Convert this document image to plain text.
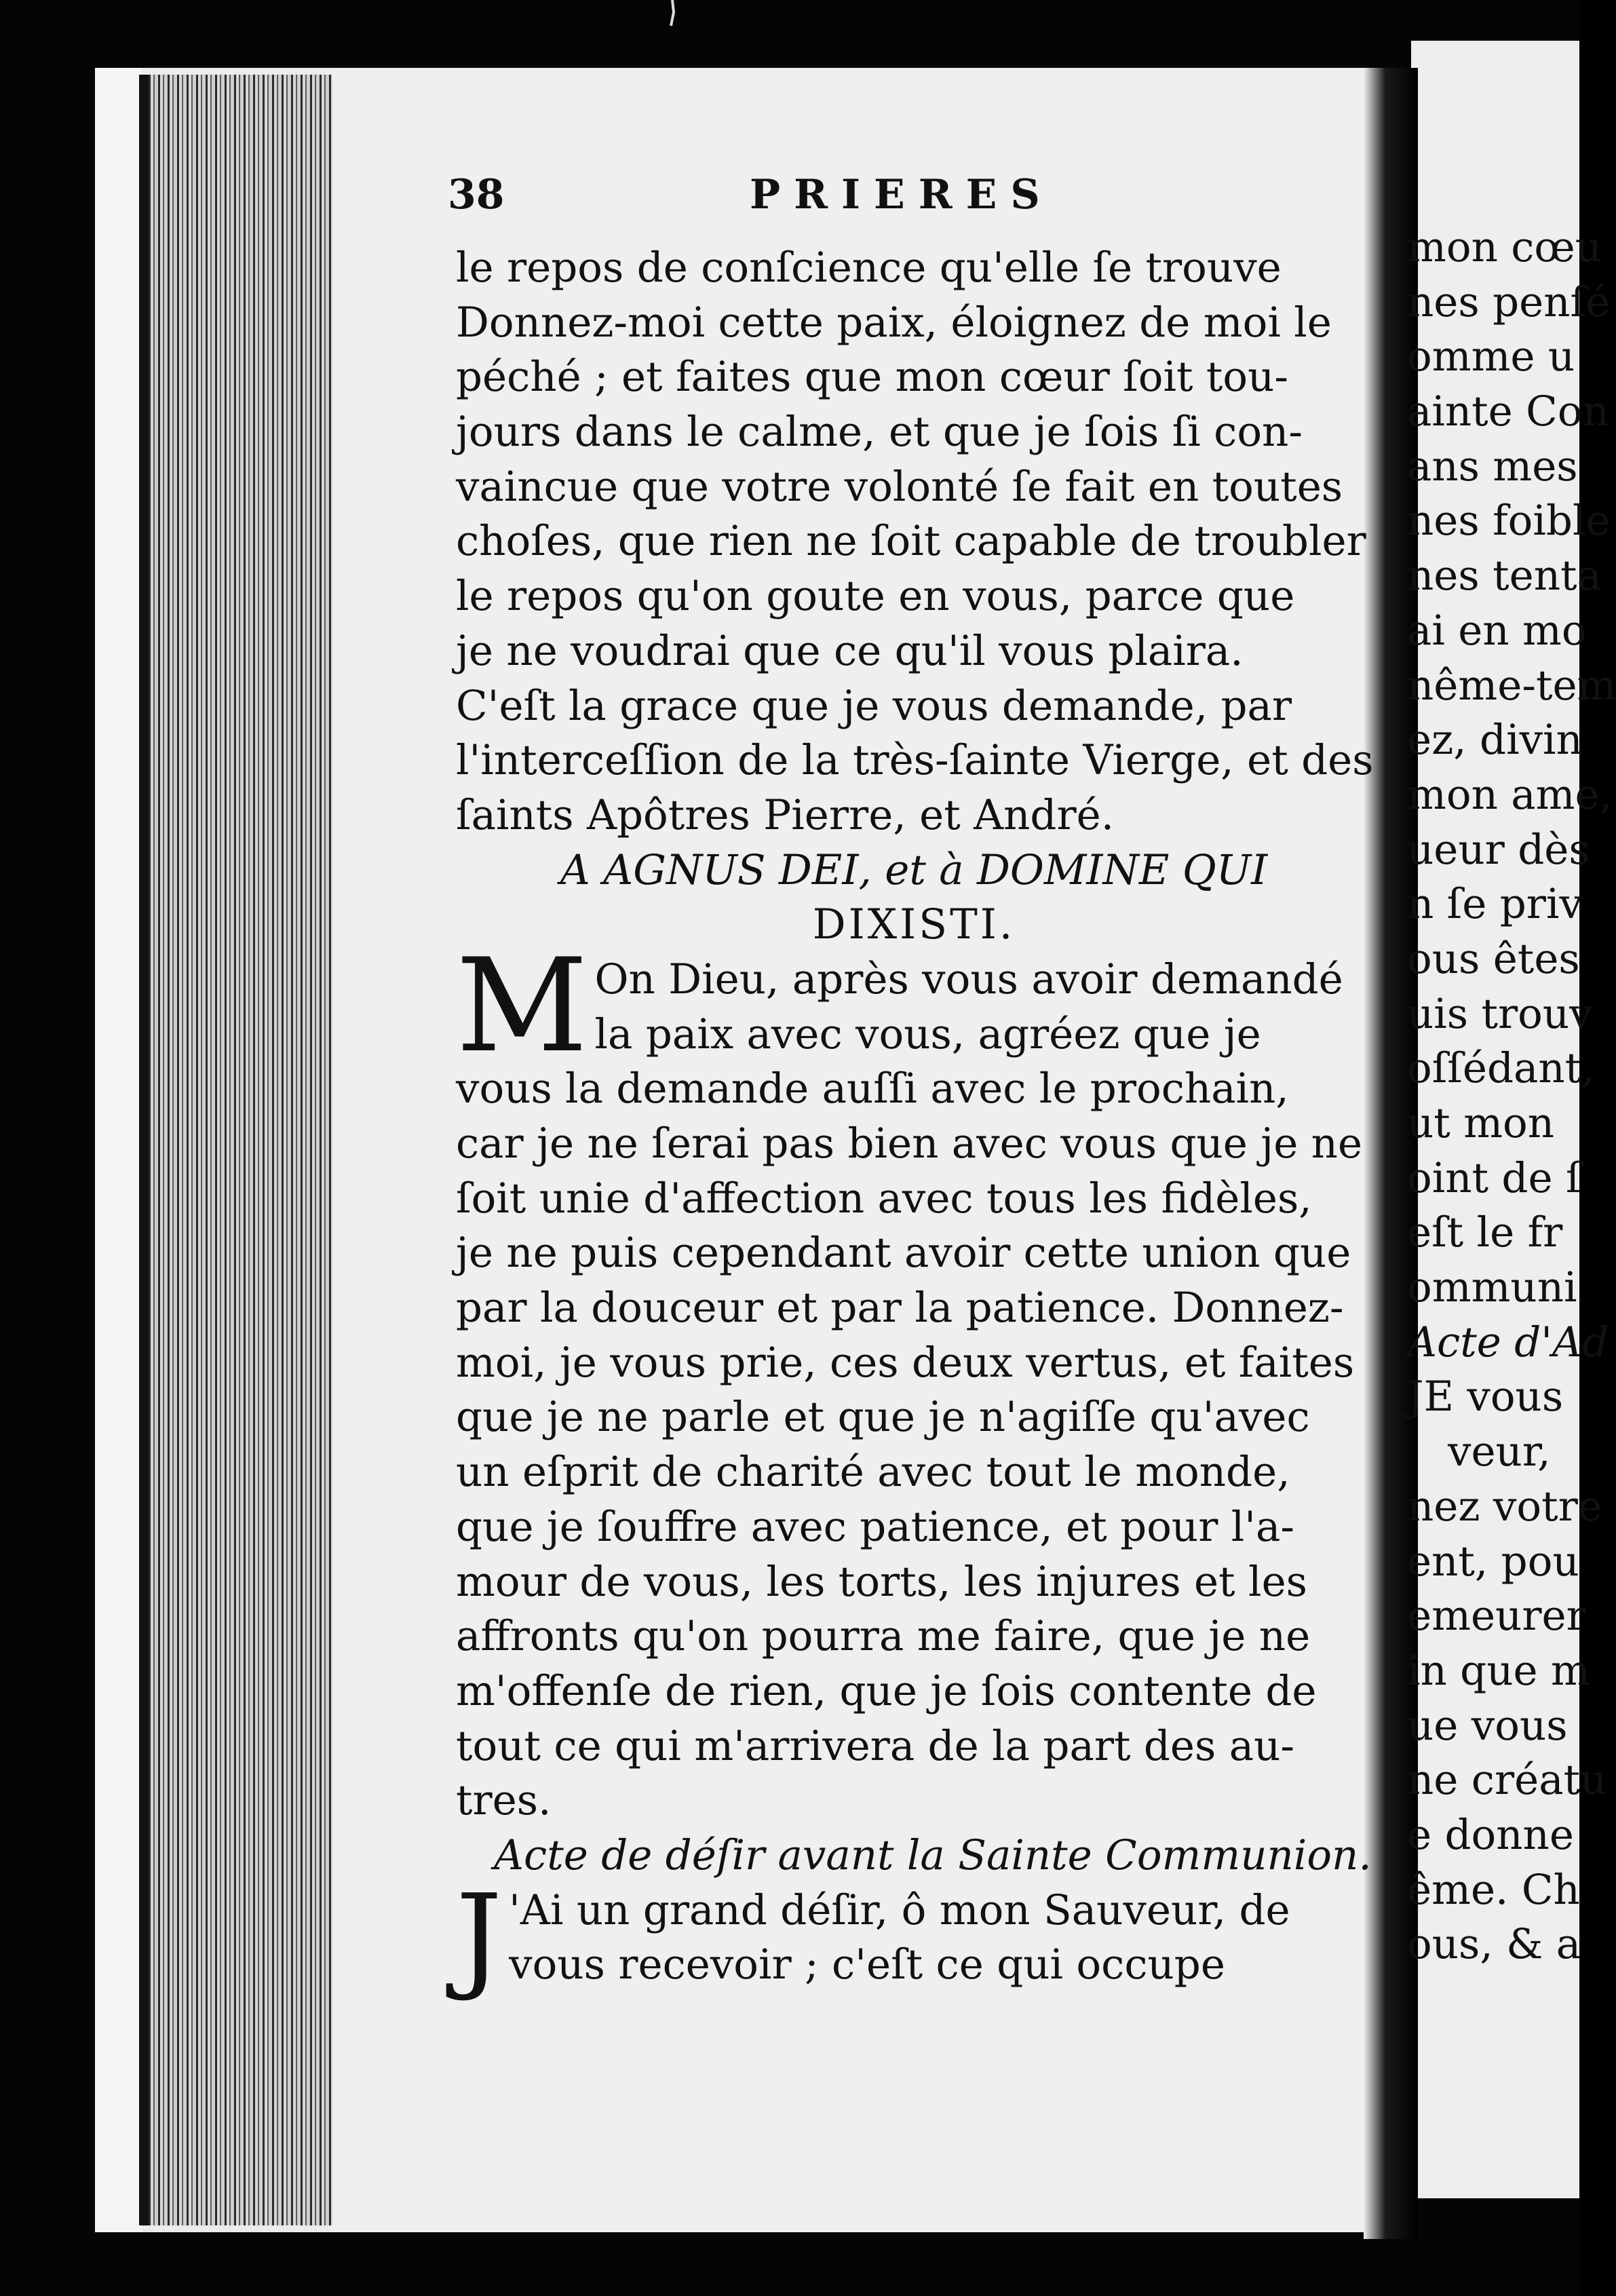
38	PRIERES
le repos de conſcience qu'elle ſe trouve
Donnez-moi cette paix, éloignez de moi le
péché ; et faites que mon cœur ſoit tou-
jours dans le calme, et que je ſois ſi con-
vaincue que votre volonté ſe fait en toutes
choſes, que rien ne ſoit capable de troubler
le repos qu'on goute en vous, parce que
je ne voudrai que ce qu'il vous plaira.
C'eſt la grace que je vous demande, par
l'interceſſion de la très-ſainte Vierge, et des
ſaints Apôtres Pierre, et André.
A AGNUS DEI, et à DOMINE QUI
DIXISTI.
M On Dieu, après vous avoir demandé
la paix avec vous, agréez que je
vous la demande auſſi avec le prochain,
car je ne ſerai pas bien avec vous que je ne
ſoit unie d'affection avec tous les fidèles,
je ne puis cependant avoir cette union que
par la douceur et par la patience. Donnez-
moi, je vous prie, ces deux vertus, et faites
que je ne parle et que je n'agiſſe qu'avec
un eſprit de charité avec tout le monde,
que je ſouffre avec patience, et pour l'a-
mour de vous, les torts, les injures et les
affronts qu'on pourra me faire, que je ne
m'offenſe de rien, que je ſois contente de
tout ce qui m'arrivera de la part des au-
tres.
Acte de déſir avant la Sainte Communion.
J 'Ai un grand déſir, ô mon Sauveur, de
vous recevoir ; c'eſt ce qui occupe
mon cœu
nes penſé
omme u
ainte Con
ans mes
nes foible
nes tenta
ai en mo
nême-tem
ez, divin
mon ame,
ueur dès
n ſe priv
ous êtes
uis trouv
oſſédant,
ut mon
oint de ſ
eſt le fr
ommuni
Acte d'Ad
JE vous
veur,
nez votre
ent, pou
emeurer
in que m
ue vous
ne créatu
e donne
ême. Ch
ous, & a
